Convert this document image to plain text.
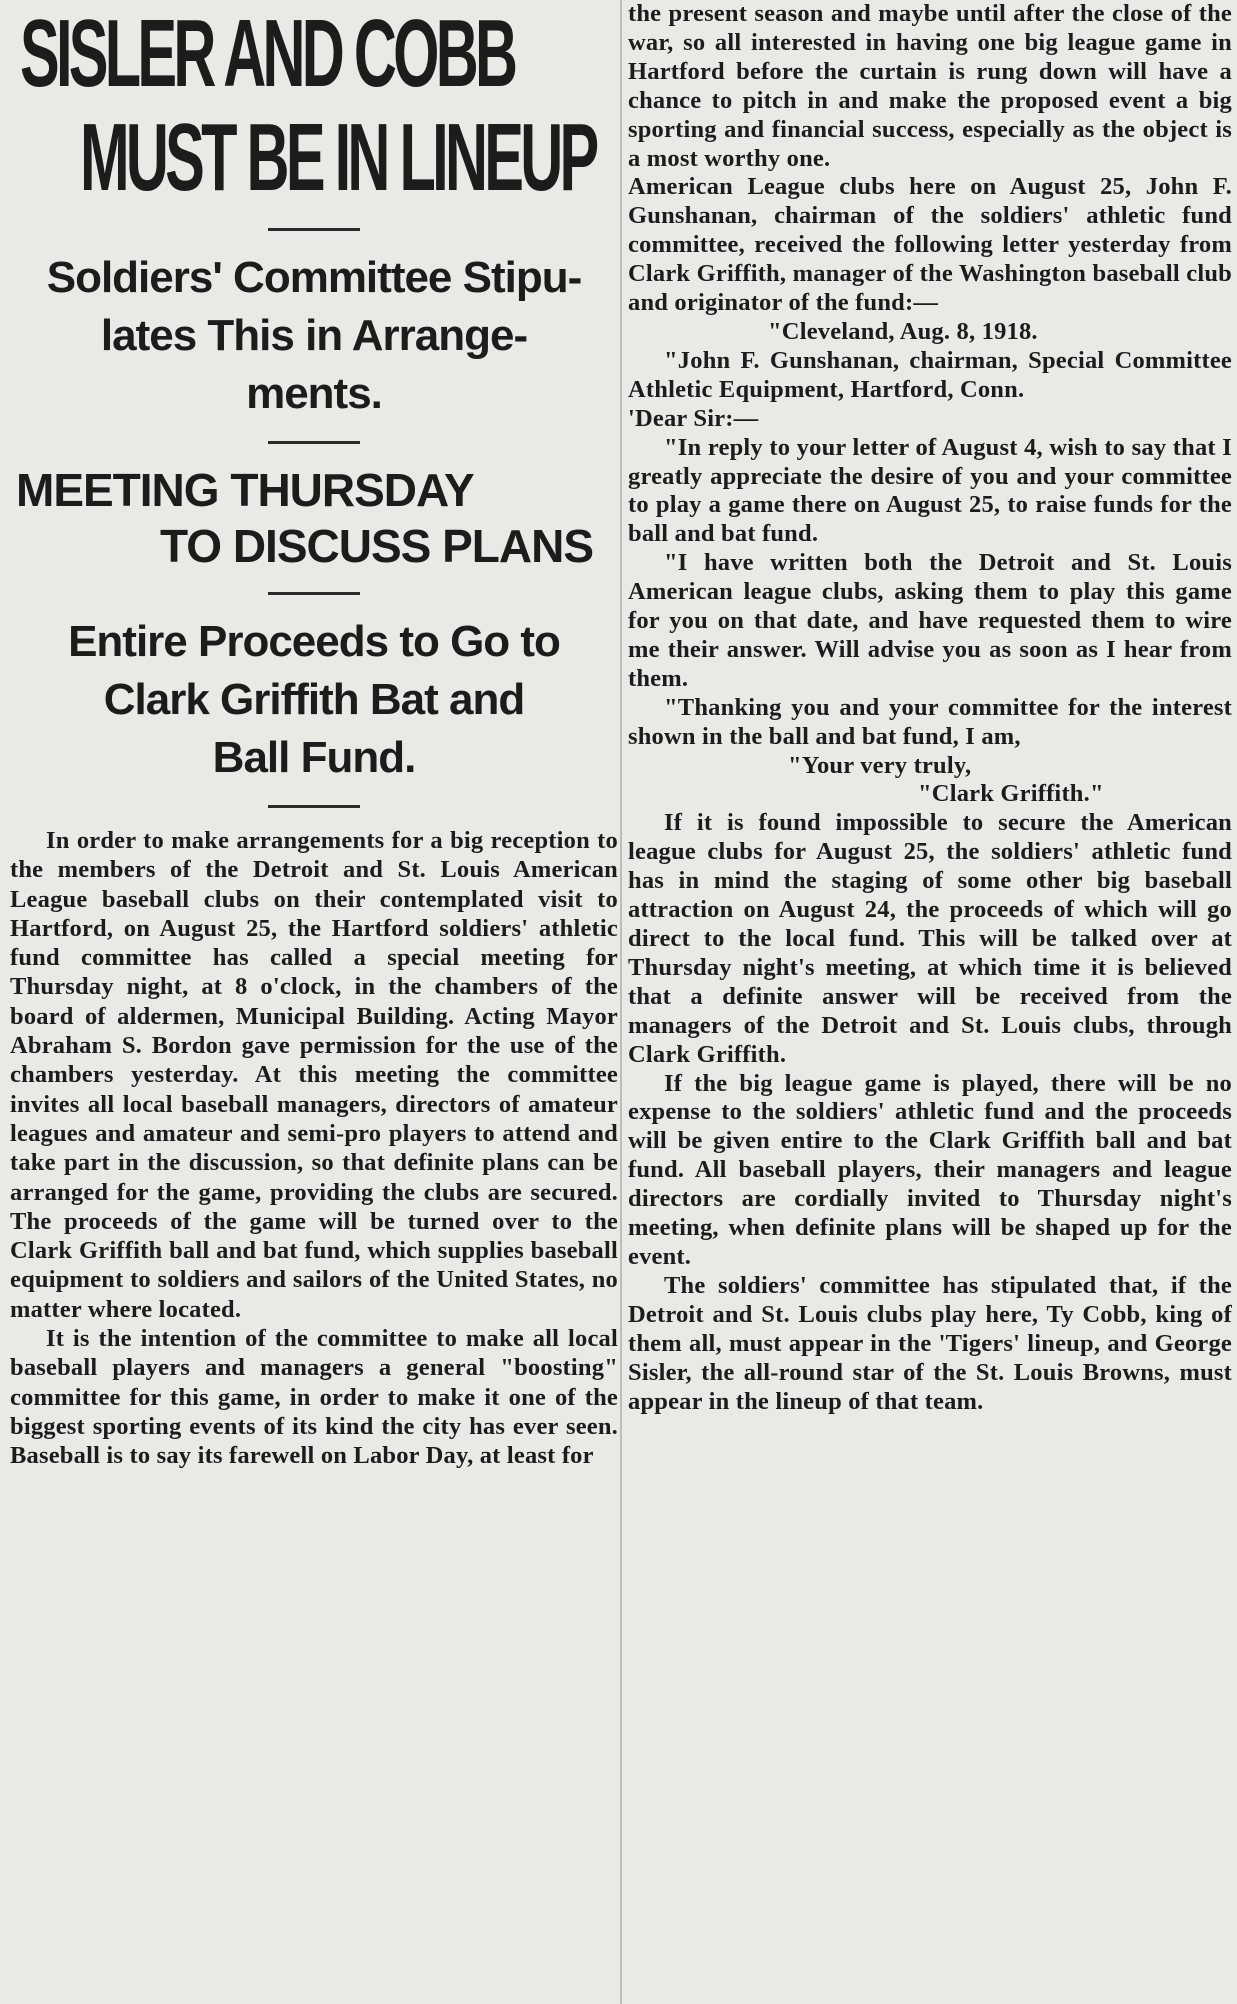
SISLER AND COBB
MUST BE IN LINEUP
Soldiers' Committee Stipu-
lates This in Arrange-
ments.
MEETING THURSDAY
TO DISCUSS PLANS
Entire Proceeds to Go to
Clark Griffith Bat and
Ball Fund.

In order to make arrangements for a big reception to the members of the Detroit and St. Louis American League baseball clubs on their contemplated visit to Hartford, on August 25, the Hartford soldiers' athletic fund committee has called a special meeting for Thursday night, at 8 o'clock, in the chambers of the board of aldermen, Municipal Building. Acting Mayor Abraham S. Bordon gave permission for the use of the chambers yesterday. At this meeting the committee invites all local baseball managers, directors of amateur leagues and amateur and semi-pro players to attend and take part in the discussion, so that definite plans can be arranged for the game, providing the clubs are secured. The proceeds of the game will be turned over to the Clark Griffith ball and bat fund, which supplies baseball equipment to soldiers and sailors of the United States, no matter where located.

It is the intention of the committee to make all local baseball players and managers a general "boosting" committee for this game, in order to make it one of the biggest sporting events of its kind the city has ever seen. Baseball is to say its farewell on Labor Day, at least for

the present season and maybe until after the close of the war, so all interested in having one big league game in Hartford before the curtain is rung down will have a chance to pitch in and make the proposed event a big sporting and financial success, especially as the object is a most worthy one.

American League clubs here on August 25, John F. Gunshanan, chairman of the soldiers' athletic fund committee, received the following letter yesterday from Clark Griffith, manager of the Washington baseball club and originator of the fund:—

"Cleveland, Aug. 8, 1918.

"John F. Gunshanan, chairman, Special Committee Athletic Equipment, Hartford, Conn.

'Dear Sir:—

"In reply to your letter of August 4, wish to say that I greatly appreciate the desire of you and your committee to play a game there on August 25, to raise funds for the ball and bat fund.

"I have written both the Detroit and St. Louis American league clubs, asking them to play this game for you on that date, and have requested them to wire me their answer. Will advise you as soon as I hear from them.

"Thanking you and your committee for the interest shown in the ball and bat fund, I am,

"Your very truly,

"Clark Griffith."

If it is found impossible to secure the American league clubs for August 25, the soldiers' athletic fund has in mind the staging of some other big baseball attraction on August 24, the proceeds of which will go direct to the local fund. This will be talked over at Thursday night's meeting, at which time it is believed that a definite answer will be received from the managers of the Detroit and St. Louis clubs, through Clark Griffith.

If the big league game is played, there will be no expense to the soldiers' athletic fund and the proceeds will be given entire to the Clark Griffith ball and bat fund. All baseball players, their managers and league directors are cordially invited to Thursday night's meeting, when definite plans will be shaped up for the event.

The soldiers' committee has stipulated that, if the Detroit and St. Louis clubs play here, Ty Cobb, king of them all, must appear in the 'Tigers' lineup, and George Sisler, the all-round star of the St. Louis Browns, must appear in the lineup of that team.
